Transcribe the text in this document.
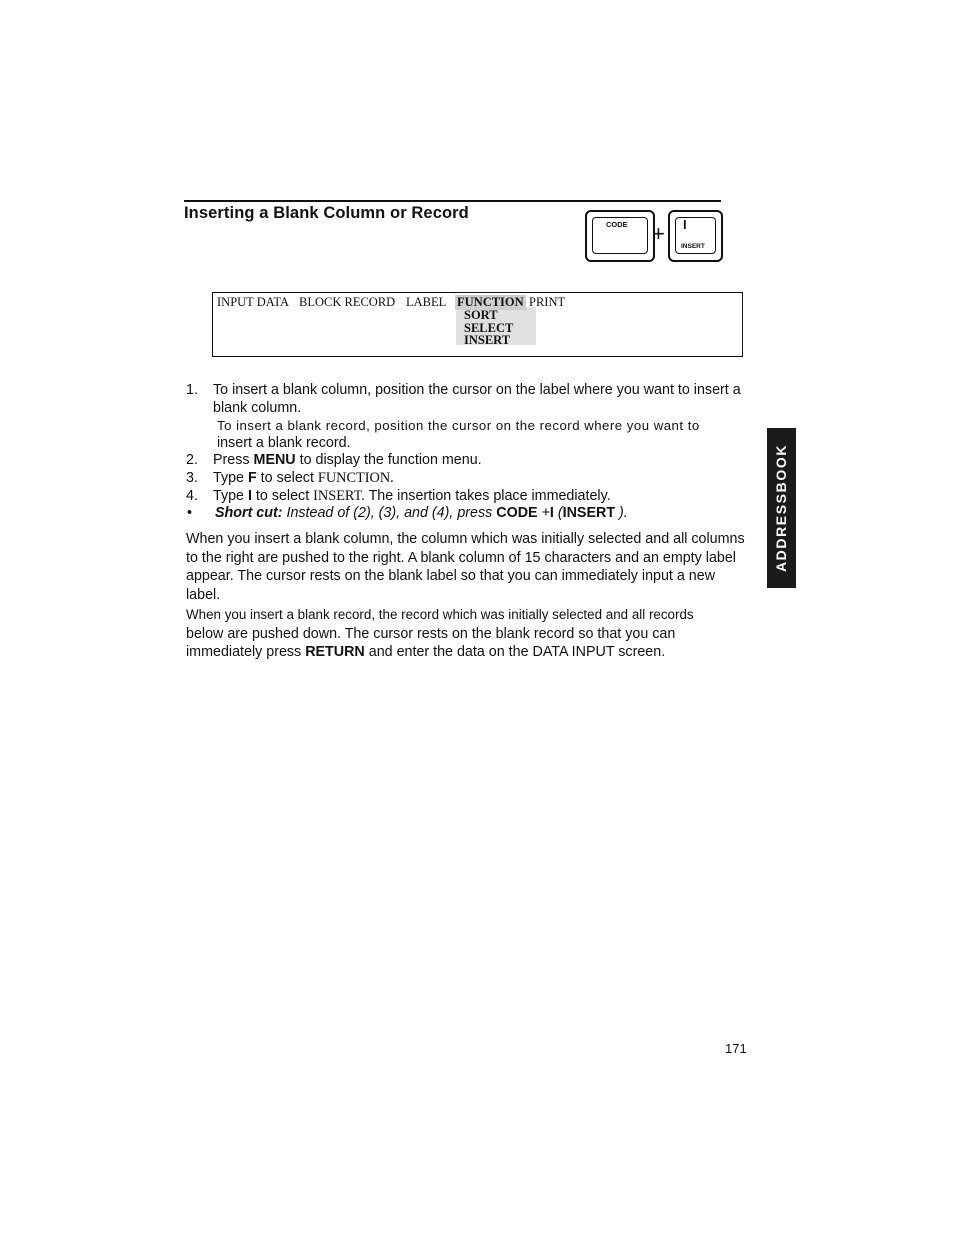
Inserting a Blank Column or Record
CODE + I
INSERT
INPUT DATA BLOCK RECORD LABEL FUNCTION PRINT
SORT
SELECT
INSERT
1. To insert a blank column, position the cursor on the label where you want to insert a blank column.
To insert a blank record, position the cursor on the record where you want to
insert a blank record.
2. Press MENU to display the function menu.
3. Type F to select FUNCTION.
4. Type I to select INSERT. The insertion takes place immediately.
• Short cut: Instead of (2), (3), and (4), press CODE +I (INSERT ).

When you insert a blank column, the column which was initially selected and all columns to the right are pushed to the right. A blank column of 15 characters and an empty label appear. The cursor rests on the blank label so that you can immediately input a new label.

When you insert a blank record, the record which was initially selected and all records
below are pushed down. The cursor rests on the blank record so that you can immediately press RETURN and enter the data on the DATA INPUT screen.
ADDRESSBOOK
171
